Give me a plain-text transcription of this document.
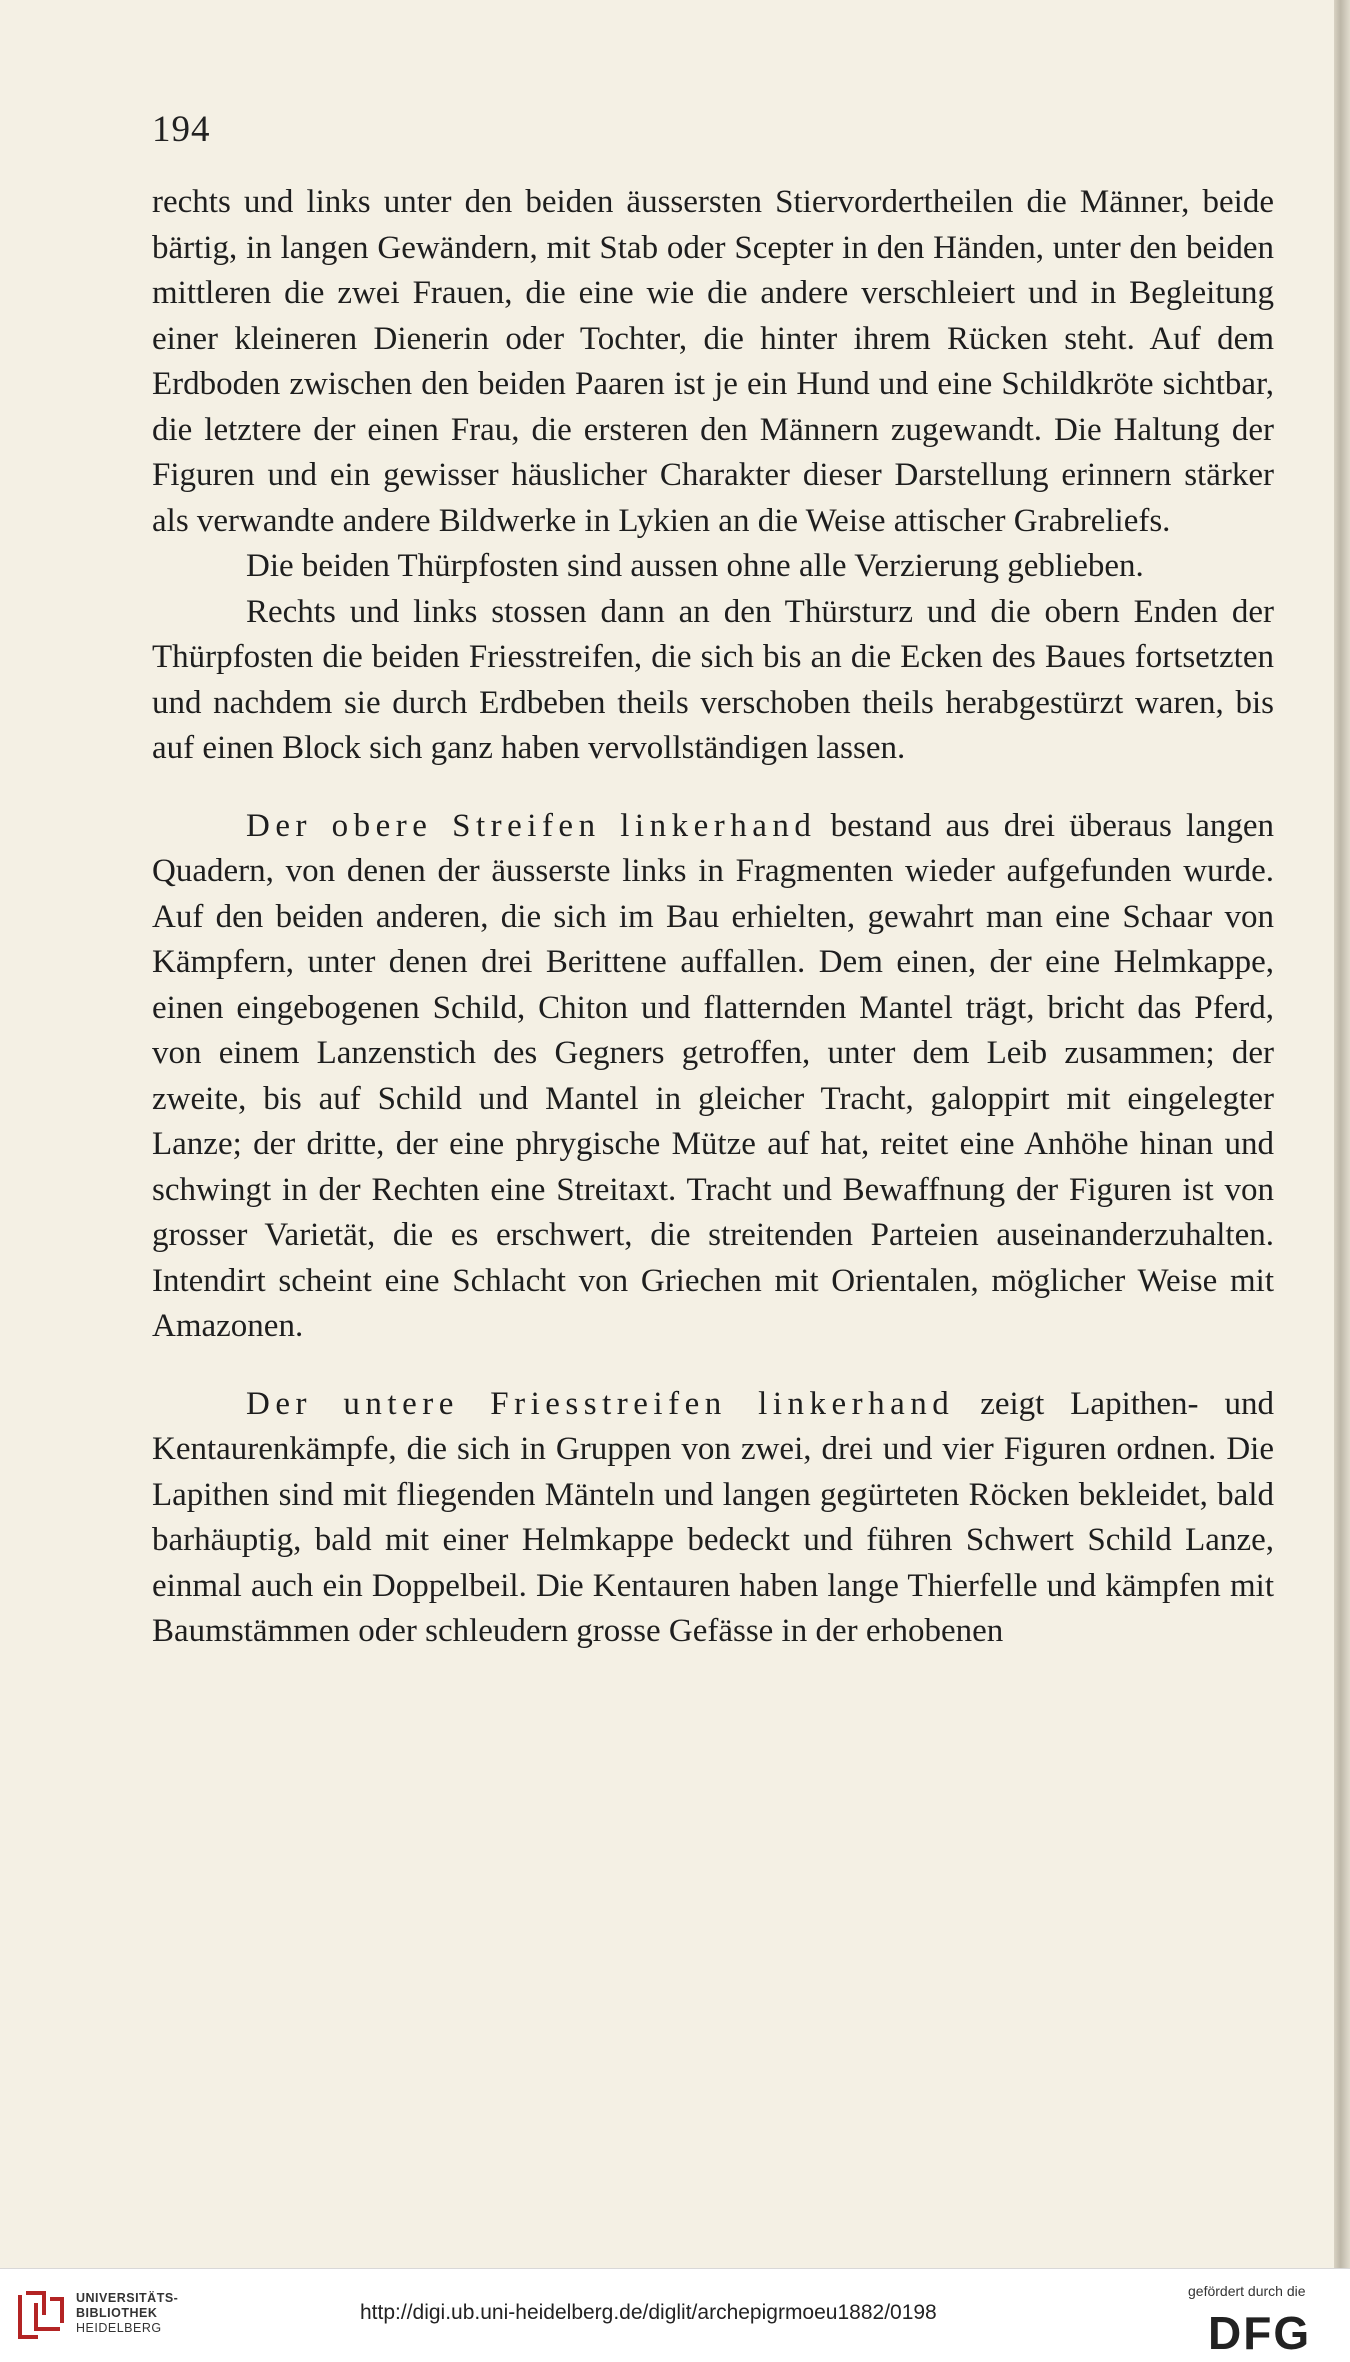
194

rechts und links unter den beiden äussersten Stiervordertheilen die Männer, beide bärtig, in langen Gewändern, mit Stab oder Scepter in den Händen, unter den beiden mittleren die zwei Frauen, die eine wie die andere verschleiert und in Begleitung einer kleineren Dienerin oder Tochter, die hinter ihrem Rücken steht. Auf dem Erdboden zwischen den beiden Paaren ist je ein Hund und eine Schildkröte sichtbar, die letztere der einen Frau, die ersteren den Männern zugewandt. Die Haltung der Figuren und ein gewisser häuslicher Charakter dieser Darstellung erinnern stärker als verwandte andere Bildwerke in Lykien an die Weise attischer Grabreliefs.

Die beiden Thürpfosten sind aussen ohne alle Verzierung geblieben.

Rechts und links stossen dann an den Thürsturz und die obern Enden der Thürpfosten die beiden Friesstreifen, die sich bis an die Ecken des Baues fortsetzten und nachdem sie durch Erdbeben theils verschoben theils herabgestürzt waren, bis auf einen Block sich ganz haben vervollständigen lassen.

Der obere Streifen linkerhand bestand aus drei überaus langen Quadern, von denen der äusserste links in Fragmenten wieder aufgefunden wurde. Auf den beiden anderen, die sich im Bau erhielten, gewahrt man eine Schaar von Kämpfern, unter denen drei Berittene auffallen. Dem einen, der eine Helmkappe, einen eingebogenen Schild, Chiton und flatternden Mantel trägt, bricht das Pferd, von einem Lanzenstich des Gegners getroffen, unter dem Leib zusammen; der zweite, bis auf Schild und Mantel in gleicher Tracht, galoppirt mit eingelegter Lanze; der dritte, der eine phrygische Mütze auf hat, reitet eine Anhöhe hinan und schwingt in der Rechten eine Streitaxt. Tracht und Bewaffnung der Figuren ist von grosser Varietät, die es erschwert, die streitenden Parteien auseinanderzuhalten. Intendirt scheint eine Schlacht von Griechen mit Orientalen, möglicher Weise mit Amazonen.

Der untere Friesstreifen linkerhand zeigt Lapithen- und Kentaurenkämpfe, die sich in Gruppen von zwei, drei und vier Figuren ordnen. Die Lapithen sind mit fliegenden Mänteln und langen gegürteten Röcken bekleidet, bald barhäuptig, bald mit einer Helmkappe bedeckt und führen Schwert Schild Lanze, einmal auch ein Doppelbeil. Die Kentauren haben lange Thierfelle und kämpfen mit Baumstämmen oder schleudern grosse Gefässe in der erhobenen

UNIVERSITÄTS-
BIBLIOTHEK
HEIDELBERG

http://digi.ub.uni-heidelberg.de/diglit/archepigrmoeu1882/0198
gefördert durch die
DFG
